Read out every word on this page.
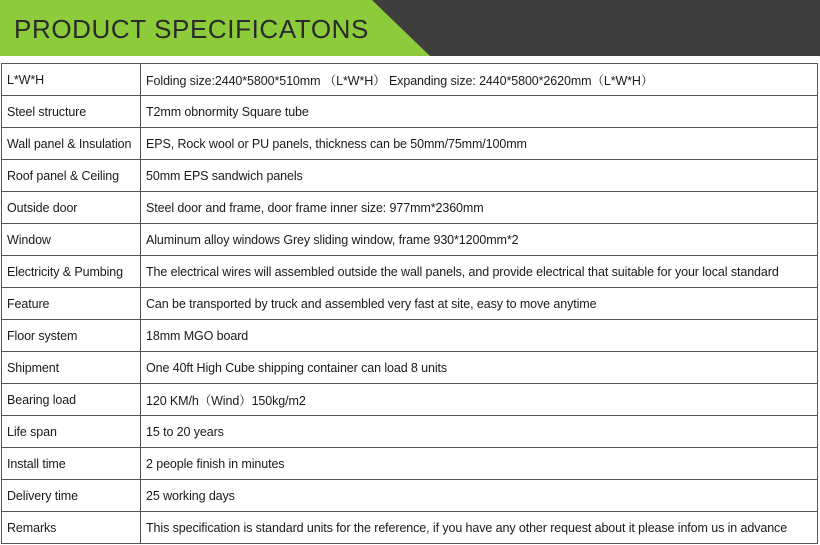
PRODUCT SPECIFICATONS
L*W*H	Folding size:2440*5800*510mm （L*W*H） Expanding size: 2440*5800*2620mm（L*W*H）
Steel structure	T2mm obnormity Square tube
Wall panel & Insulation	EPS, Rock wool or PU panels, thickness can be 50mm/75mm/100mm
Roof panel & Ceiling	50mm EPS sandwich panels
Outside door	Steel door and frame, door frame inner size: 977mm*2360mm
Window	Aluminum alloy windows Grey sliding window, frame 930*1200mm*2
Electricity & Pumbing	The electrical wires will assembled outside the wall panels, and provide electrical that suitable for your local standard
Feature	Can be transported by truck and assembled very fast at site, easy to move anytime
Floor system	18mm MGO board
Shipment	One 40ft High Cube shipping container can load 8 units
Bearing load	120 KM/h（Wind）150kg/m2
Life span	15 to 20 years
Install time	2 people finish in minutes
Delivery time	25 working days
Remarks	This specification is standard units for the reference, if you have any other request about it please infom us in advance
